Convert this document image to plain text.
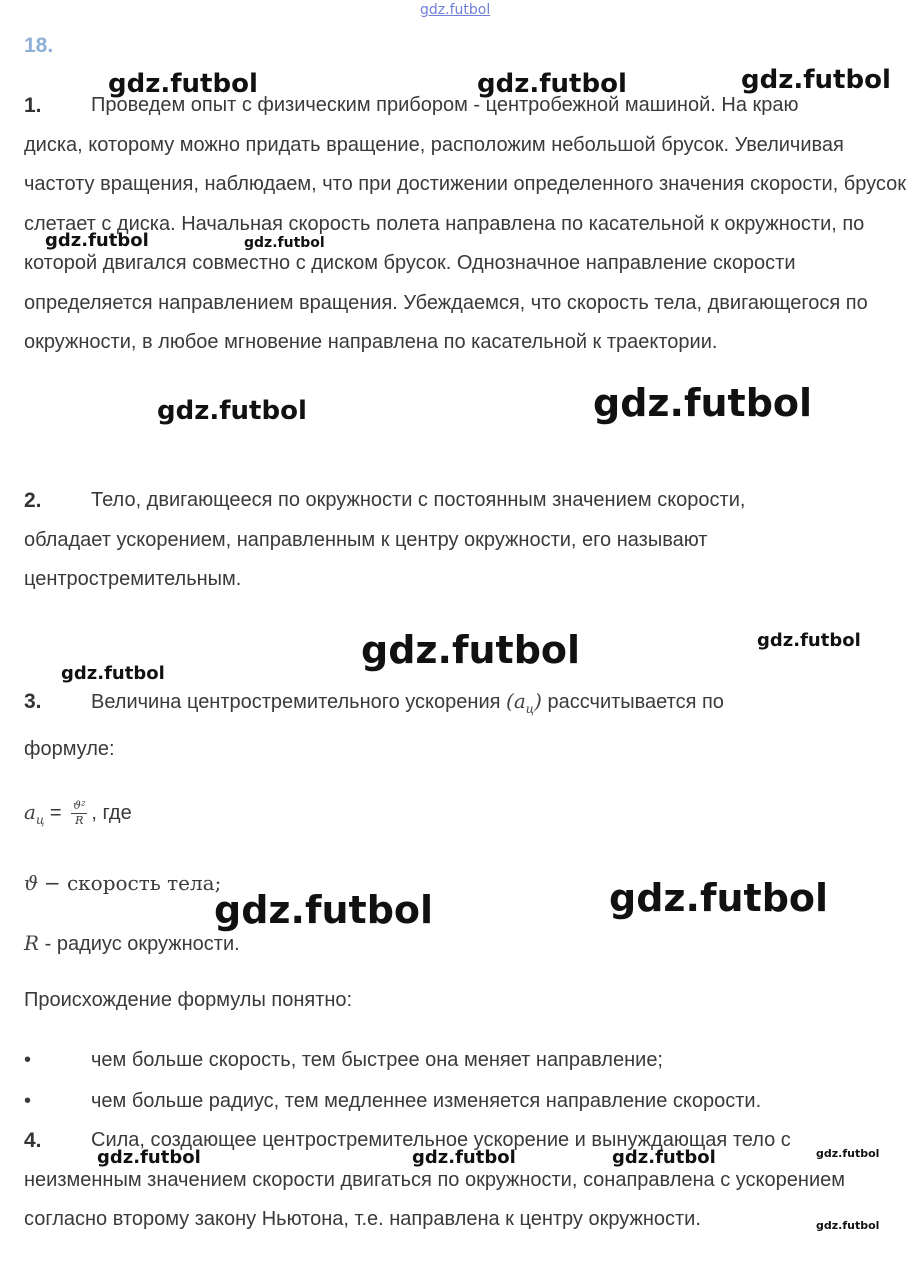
gdz.futbol
gdz.futbol	gdz.futbol	gdz.futbol
gdz.futbol	gdz.futbol
gdz.futbol	gdz.futbol
gdz.futbol	gdz.futbol
gdz.futbol
gdz.futbol
gdz.futbol
gdz.futbol	gdz.futbol	gdz.futbol	gdz.futbol
gdz.futbol
18.
1.	Проведем опыт с физическим прибором - центробежной машиной. На краю
диска, которому можно придать вращение, расположим небольшой брусок. Увеличивая частоту вращения, наблюдаем, что при достижении определенного значения скорости, брусок слетает с диска. Начальная скорость полета направлена по касательной к окружности, по которой двигался совместно с диском брусок. Однозначное направление скорости определяется направлением вращения. Убеждаемся, что скорость тела, двигающегося по окружности, в любое мгновение направлена по касательной к траектории.
2.	Тело, двигающееся по окружности с постоянным значением скорости,
обладает ускорением, направленным к центру окружности, его называют центростремительным.
3.	Величина центростремительного ускорения $(a_ц)$ рассчитывается по
формуле:
$a_ц = \frac{\text{ϑ²}}{R}$ , где
ϑ − скорость тела;
R - радиус окружности.
Происхождение формулы понятно:
•	чем больше скорость, тем быстрее она меняет направление;
•	чем больше радиус, тем медленнее изменяется направление скорости.
4.	Сила, создающее центростремительное ускорение и вынуждающая тело с
неизменным значением скорости двигаться по окружности, сонаправлена с ускорением согласно второму закону Ньютона, т.е. направлена к центру окружности.
